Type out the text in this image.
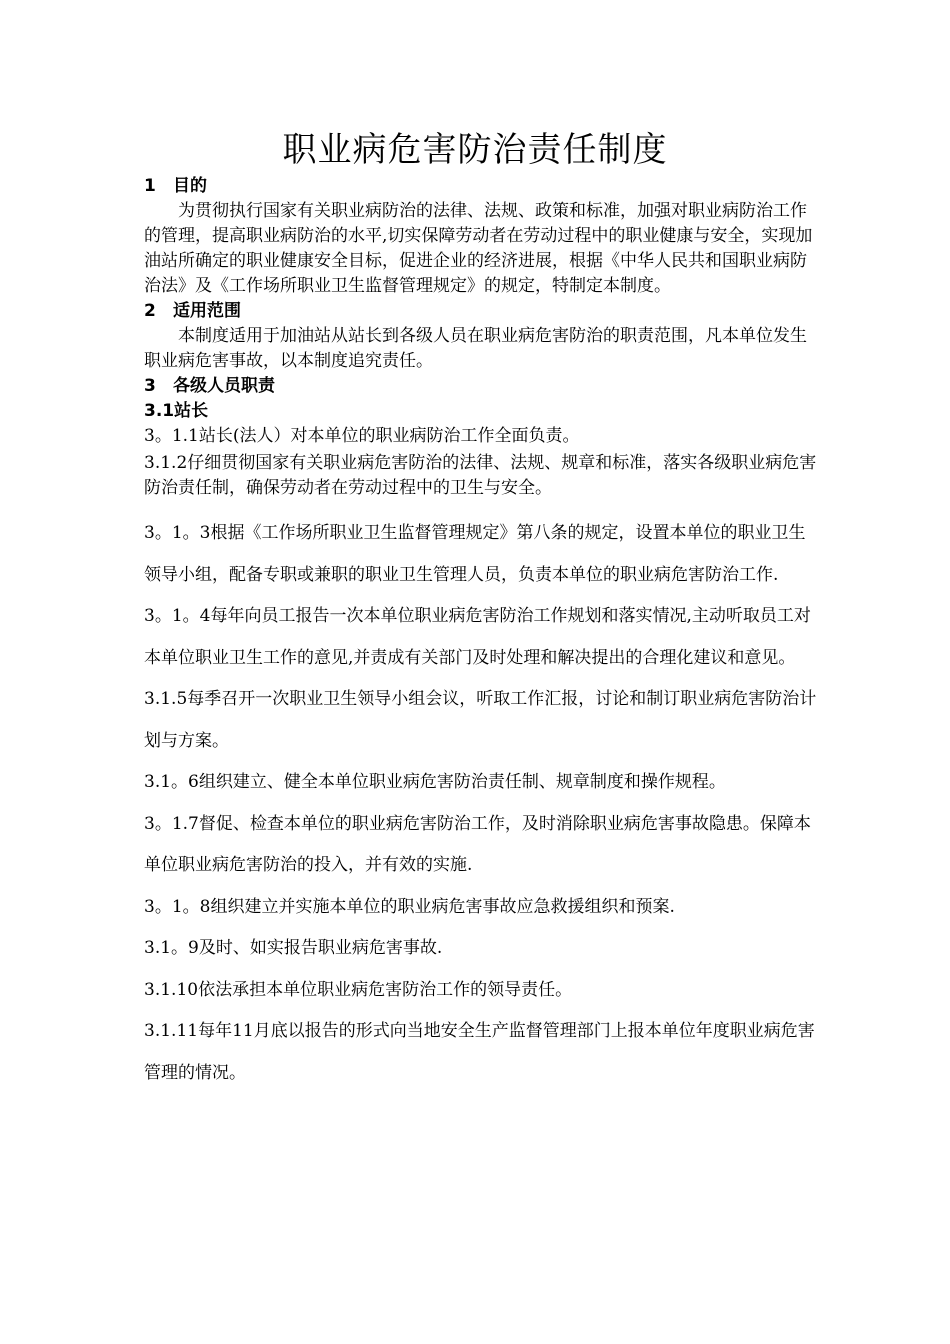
职业病危害防治责任制度

1 目的

为贯彻执行国家有关职业病防治的法律、法规、政策和标准，加强对职业病防治工作的管理，提高职业病防治的水平,切实保障劳动者在劳动过程中的职业健康与安全，实现加油站所确定的职业健康安全目标，促进企业的经济进展，根据《中华人民共和国职业病防治法》及《工作场所职业卫生监督管理规定》的规定，特制定本制度。

2 适用范围

本制度适用于加油站从站长到各级人员在职业病危害防治的职责范围，凡本单位发生职业病危害事故，以本制度追究责任。

3 各级人员职责

3.1站长

3。1.1站长(法人）对本单位的职业病防治工作全面负责。

3.1.2仔细贯彻国家有关职业病危害防治的法律、法规、规章和标准，落实各级职业病危害防治责任制，确保劳动者在劳动过程中的卫生与安全。

3。1。3根据《工作场所职业卫生监督管理规定》第八条的规定，设置本单位的职业卫生领导小组，配备专职或兼职的职业卫生管理人员，负责本单位的职业病危害防治工作.

3。1。4每年向员工报告一次本单位职业病危害防治工作规划和落实情况,主动听取员工对本单位职业卫生工作的意见,并责成有关部门及时处理和解决提出的合理化建议和意见。

3.1.5每季召开一次职业卫生领导小组会议，听取工作汇报，讨论和制订职业病危害防治计划与方案。

3.1。6组织建立、健全本单位职业病危害防治责任制、规章制度和操作规程。

3。1.7督促、检查本单位的职业病危害防治工作，及时消除职业病危害事故隐患。保障本单位职业病危害防治的投入，并有效的实施.

3。1。8组织建立并实施本单位的职业病危害事故应急救援组织和预案.

3.1。9及时、如实报告职业病危害事故.

3.1.10依法承担本单位职业病危害防治工作的领导责任。

3.1.11每年11月底以报告的形式向当地安全生产监督管理部门上报本单位年度职业病危害管理的情况。
